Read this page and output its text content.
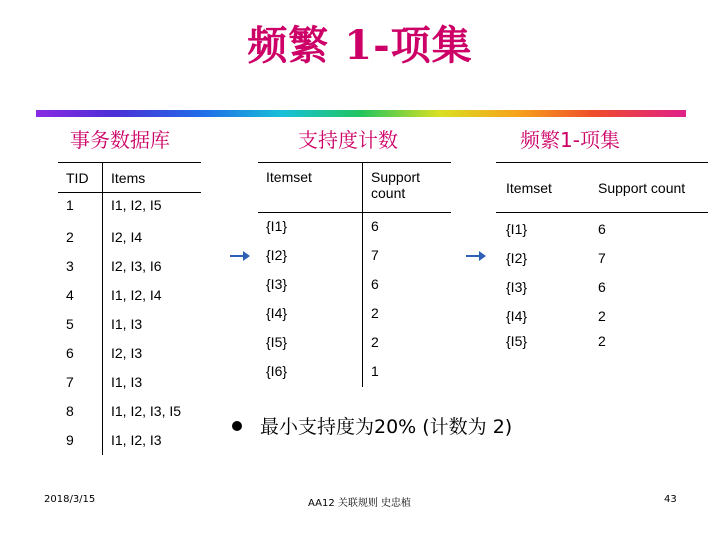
频繁 1-项集
事务数据库	支持度计数	频繁1-项集
TID	Items
1	I1, I2, I5
2	I2, I4
3	I2, I3, I6
4	I1, I2, I4
5	I1, I3
6	I2, I3
7	I1, I3
8	I1, I2, I3, I5
9	I1, I2, I3
Itemset	Support count
{I1}	6
{I2}	7
{I3}	6
{I4}	2
{I5}	2
{I6}	1
Itemset	Support count
{I1}	6
{I2}	7
{I3}	6
{I4}	2
{I5}	2
最小支持度为20% (计数为 2)
2018/3/15	AA12 关联规则 史忠植	43
